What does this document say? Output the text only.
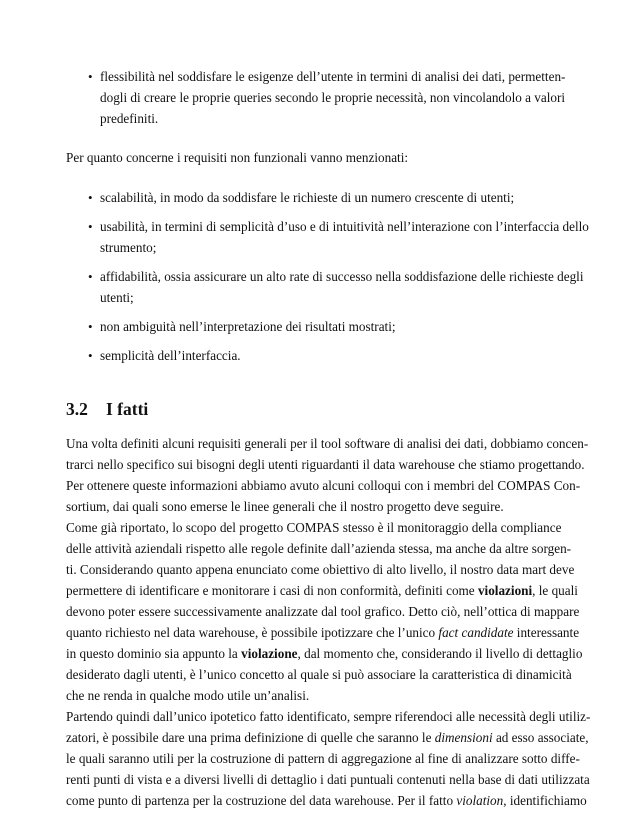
• flessibilità nel soddisfare le esigenze dell’utente in termini di analisi dei dati, permetten-
dogli di creare le proprie queries secondo le proprie necessità, non vincolandolo a valori
predefiniti.
Per quanto concerne i requisiti non funzionali vanno menzionati:
• scalabilità, in modo da soddisfare le richieste di un numero crescente di utenti;
• usabilità, in termini di semplicità d’uso e di intuitività nell’interazione con l’interfaccia dello
strumento;
• affidabilità, ossia assicurare un alto rate di successo nella soddisfazione delle richieste degli
utenti;
• non ambiguità nell’interpretazione dei risultati mostrati;
• semplicità dell’interfaccia.
3.2 I fatti
Una volta definiti alcuni requisiti generali per il tool software di analisi dei dati, dobbiamo concen-
trarci nello specifico sui bisogni degli utenti riguardanti il data warehouse che stiamo progettando.
Per ottenere queste informazioni abbiamo avuto alcuni colloqui con i membri del COMPAS Con-
sortium, dai quali sono emerse le linee generali che il nostro progetto deve seguire.
Come già riportato, lo scopo del progetto COMPAS stesso è il monitoraggio della compliance
delle attività aziendali rispetto alle regole definite dall’azienda stessa, ma anche da altre sorgen-
ti. Considerando quanto appena enunciato come obiettivo di alto livello, il nostro data mart deve
permettere di identificare e monitorare i casi di non conformità, definiti come violazioni, le quali
devono poter essere successivamente analizzate dal tool grafico. Detto ciò, nell’ottica di mappare
quanto richiesto nel data warehouse, è possibile ipotizzare che l’unico fact candidate interessante
in questo dominio sia appunto la violazione, dal momento che, considerando il livello di dettaglio
desiderato dagli utenti, è l’unico concetto al quale si può associare la caratteristica di dinamicità
che ne renda in qualche modo utile un’analisi.
Partendo quindi dall’unico ipotetico fatto identificato, sempre riferendoci alle necessità degli utiliz-
zatori, è possibile dare una prima definizione di quelle che saranno le dimensioni ad esso associate,
le quali saranno utili per la costruzione di pattern di aggregazione al fine di analizzare sotto diffe-
renti punti di vista e a diversi livelli di dettaglio i dati puntuali contenuti nella base di dati utilizzata
come punto di partenza per la costruzione del data warehouse. Per il fatto violation, identifichiamo
